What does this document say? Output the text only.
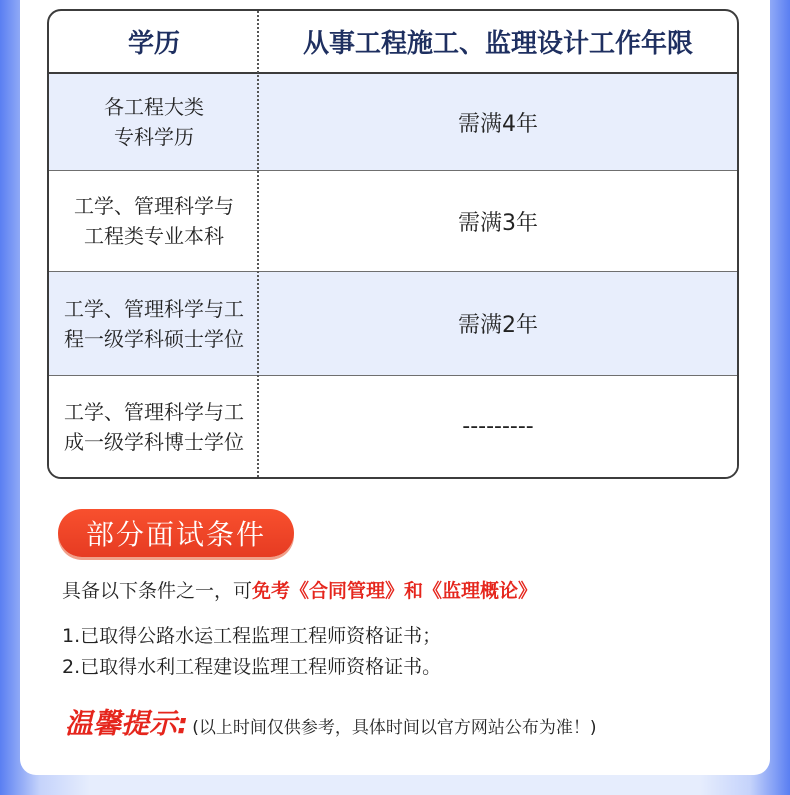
学历	从事工程施工、监理设计工作年限
各工程大类
专科学历
需满4年
工学、管理科学与
工程类专业本科
需满3年
工学、管理科学与工
程一级学科硕士学位
需满2年
工学、管理科学与工
成一级学科博士学位
---------
部分面试条件
具备以下条件之一，可免考《合同管理》和《监理概论》
1.已取得公路水运工程监理工程师资格证书；
2.已取得水利工程建设监理工程师资格证书。
温馨提示: (以上时间仅供参考，具体时间以官方网站公布为准！)
